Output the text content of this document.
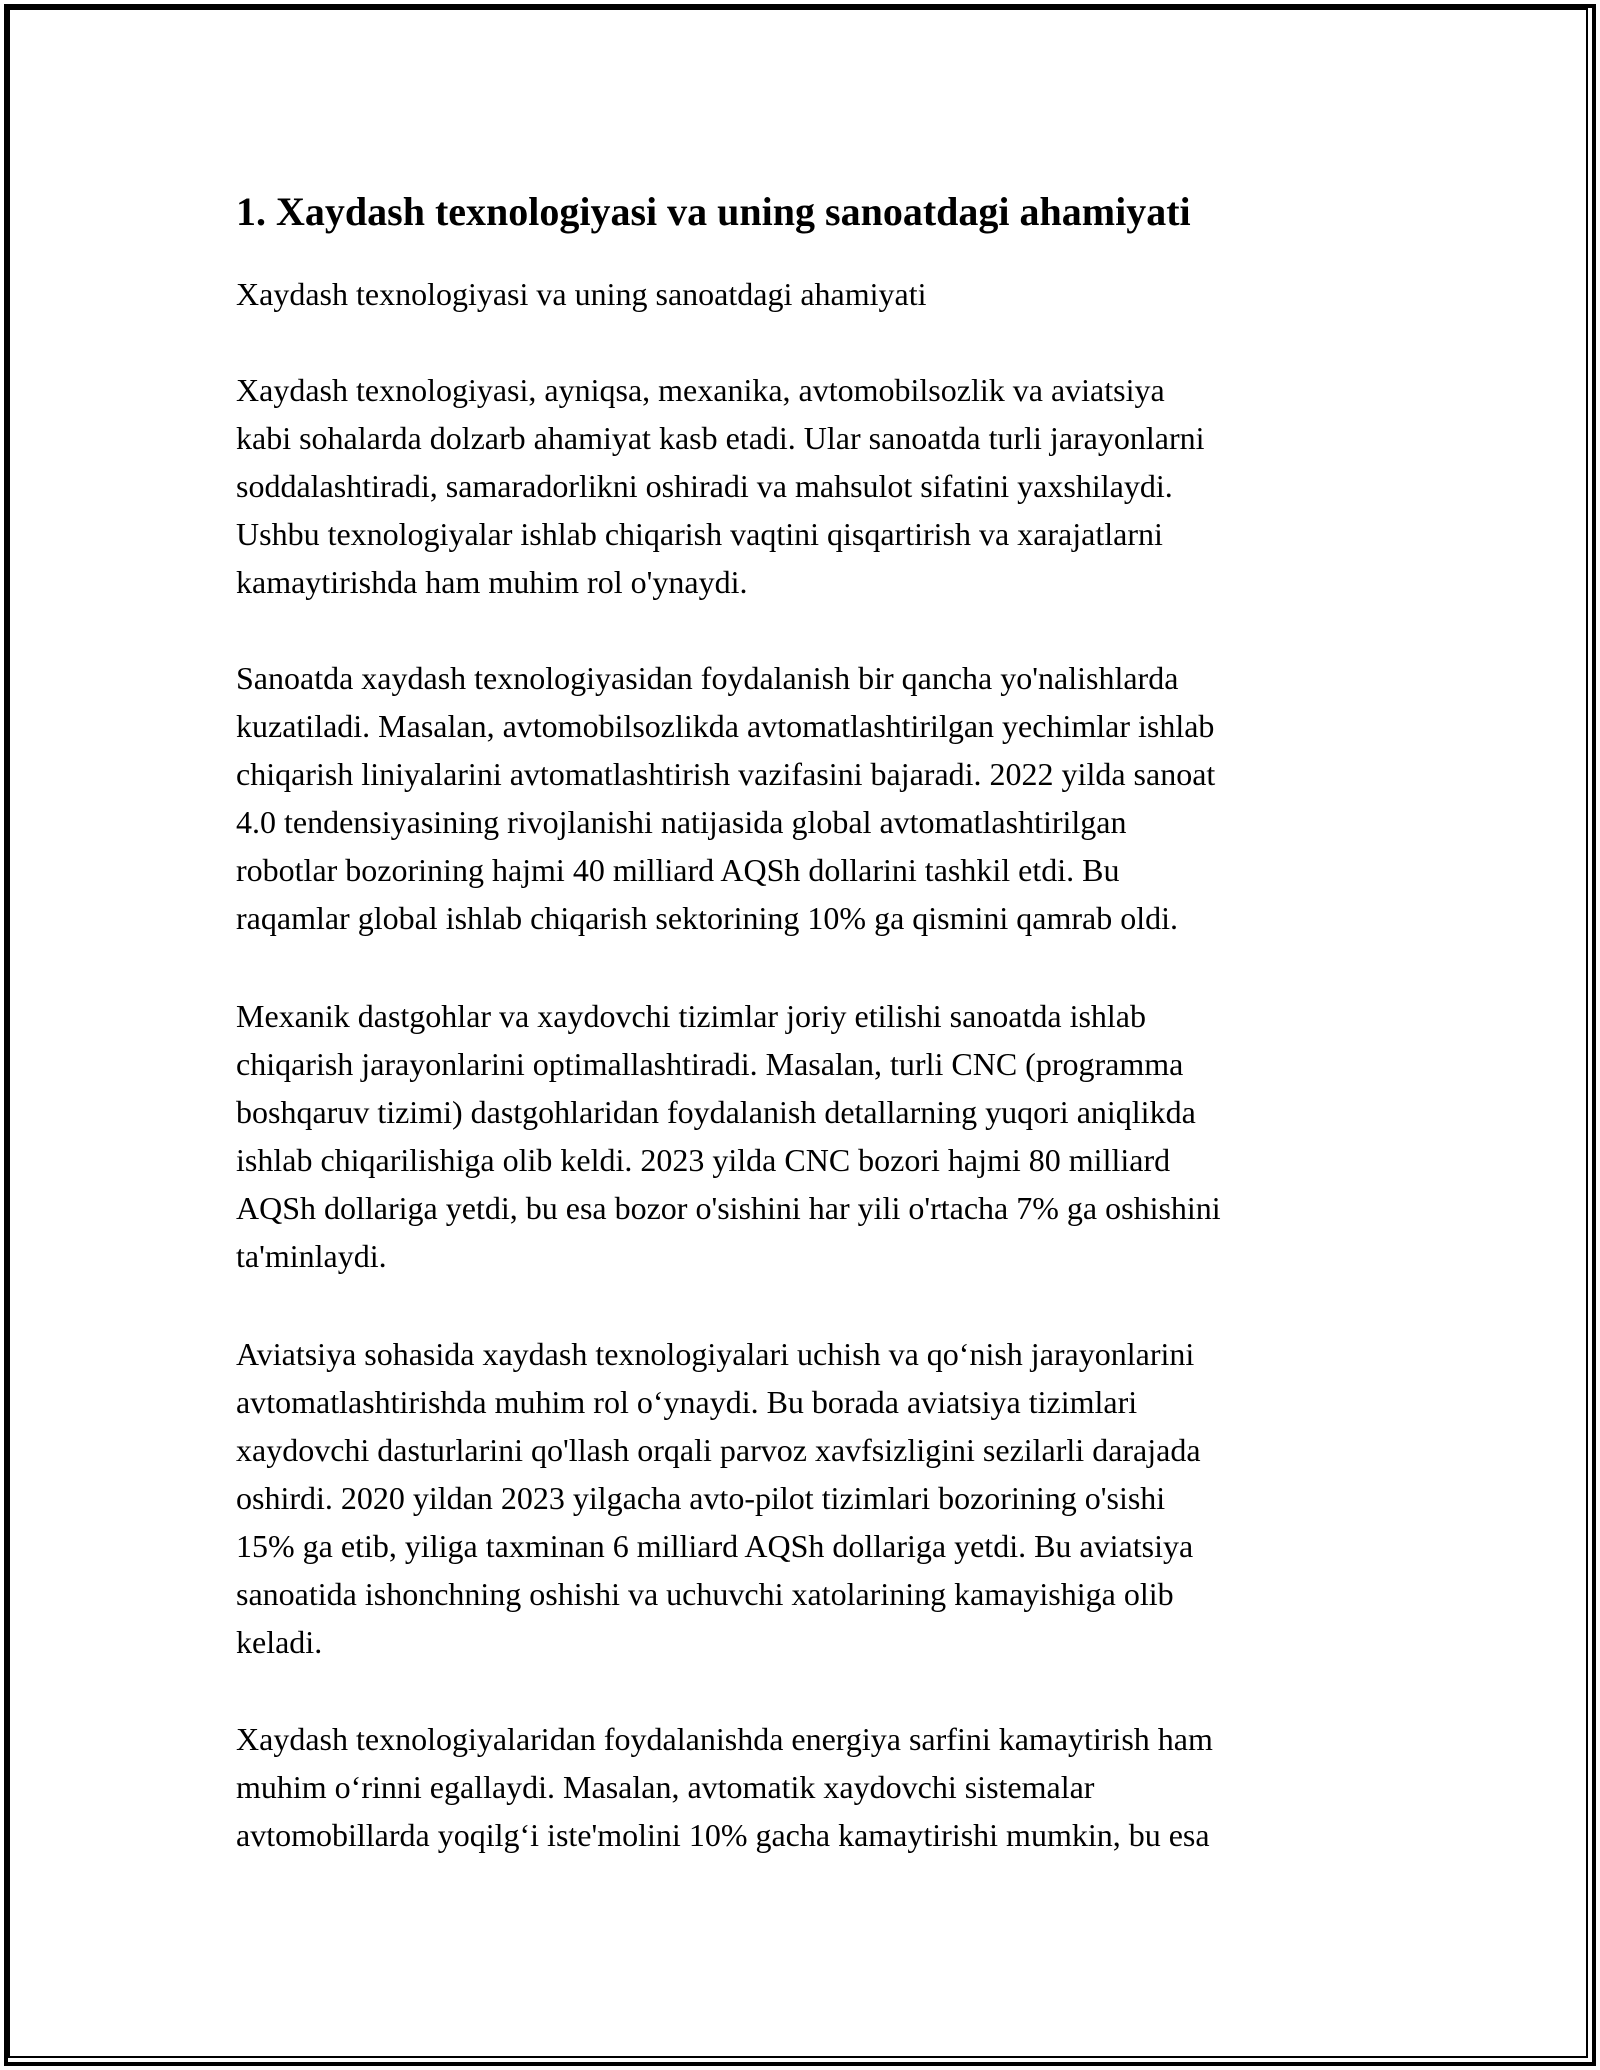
1. Xaydash texnologiyasi va uning sanoatdagi ahamiyati

Xaydash texnologiyasi va uning sanoatdagi ahamiyati

Xaydash texnologiyasi, ayniqsa, mexanika, avtomobilsozlik va aviatsiya
kabi sohalarda dolzarb ahamiyat kasb etadi. Ular sanoatda turli jarayonlarni
soddalashtiradi, samaradorlikni oshiradi va mahsulot sifatini yaxshilaydi.
Ushbu texnologiyalar ishlab chiqarish vaqtini qisqartirish va xarajatlarni
kamaytirishda ham muhim rol o'ynaydi.

Sanoatda xaydash texnologiyasidan foydalanish bir qancha yo'nalishlarda
kuzatiladi. Masalan, avtomobilsozlikda avtomatlashtirilgan yechimlar ishlab
chiqarish liniyalarini avtomatlashtirish vazifasini bajaradi. 2022 yilda sanoat
4.0 tendensiyasining rivojlanishi natijasida global avtomatlashtirilgan
robotlar bozorining hajmi 40 milliard AQSh dollarini tashkil etdi. Bu
raqamlar global ishlab chiqarish sektorining 10% ga qismini qamrab oldi.

Mexanik dastgohlar va xaydovchi tizimlar joriy etilishi sanoatda ishlab
chiqarish jarayonlarini optimallashtiradi. Masalan, turli CNC (programma
boshqaruv tizimi) dastgohlaridan foydalanish detallarning yuqori aniqlikda
ishlab chiqarilishiga olib keldi. 2023 yilda CNC bozori hajmi 80 milliard
AQSh dollariga yetdi, bu esa bozor o'sishini har yili o'rtacha 7% ga oshishini
ta'minlaydi.

Aviatsiya sohasida xaydash texnologiyalari uchish va qo‘nish jarayonlarini
avtomatlashtirishda muhim rol o‘ynaydi. Bu borada aviatsiya tizimlari
xaydovchi dasturlarini qo'llash orqali parvoz xavfsizligini sezilarli darajada
oshirdi. 2020 yildan 2023 yilgacha avto-pilot tizimlari bozorining o'sishi
15% ga etib, yiliga taxminan 6 milliard AQSh dollariga yetdi. Bu aviatsiya
sanoatida ishonchning oshishi va uchuvchi xatolarining kamayishiga olib
keladi.

Xaydash texnologiyalaridan foydalanishda energiya sarfini kamaytirish ham
muhim o‘rinni egallaydi. Masalan, avtomatik xaydovchi sistemalar
avtomobillarda yoqilg‘i iste'molini 10% gacha kamaytirishi mumkin, bu esa
